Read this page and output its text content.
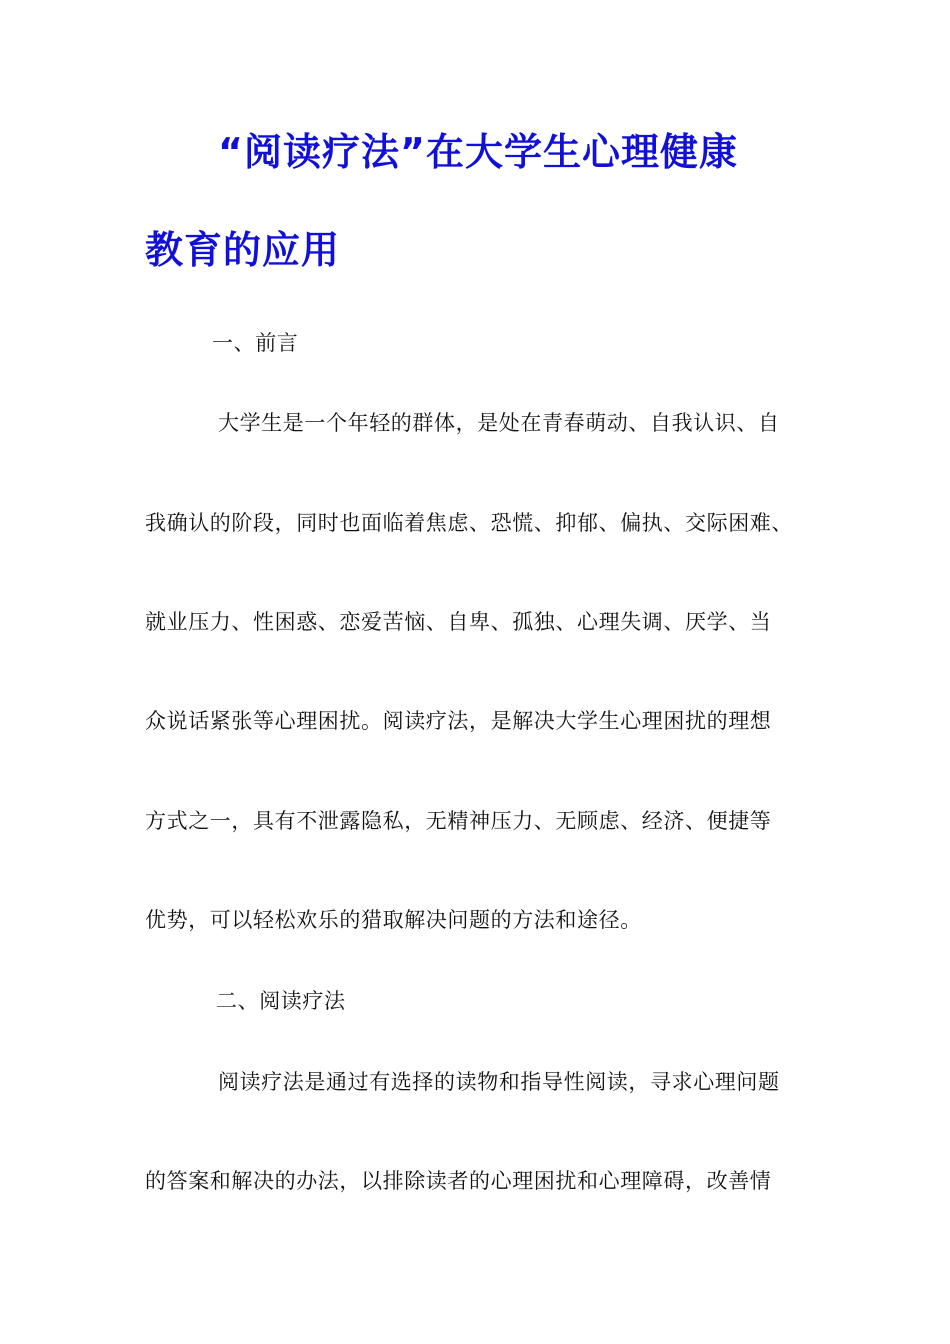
“阅读疗法”在大学生心理健康
教育的应用
一、前言
大学生是一个年轻的群体，是处在青春萌动、自我认识、自
我确认的阶段，同时也面临着焦虑、恐慌、抑郁、偏执、交际困难、
就业压力、性困惑、恋爱苦恼、自卑、孤独、心理失调、厌学、当
众说话紧张等心理困扰。阅读疗法，是解决大学生心理困扰的理想
方式之一，具有不泄露隐私，无精神压力、无顾虑、经济、便捷等
优势，可以轻松欢乐的猎取解决问题的方法和途径。
二、阅读疗法
阅读疗法是通过有选择的读物和指导性阅读，寻求心理问题
的答案和解决的办法，以排除读者的心理困扰和心理障碍，改善情
